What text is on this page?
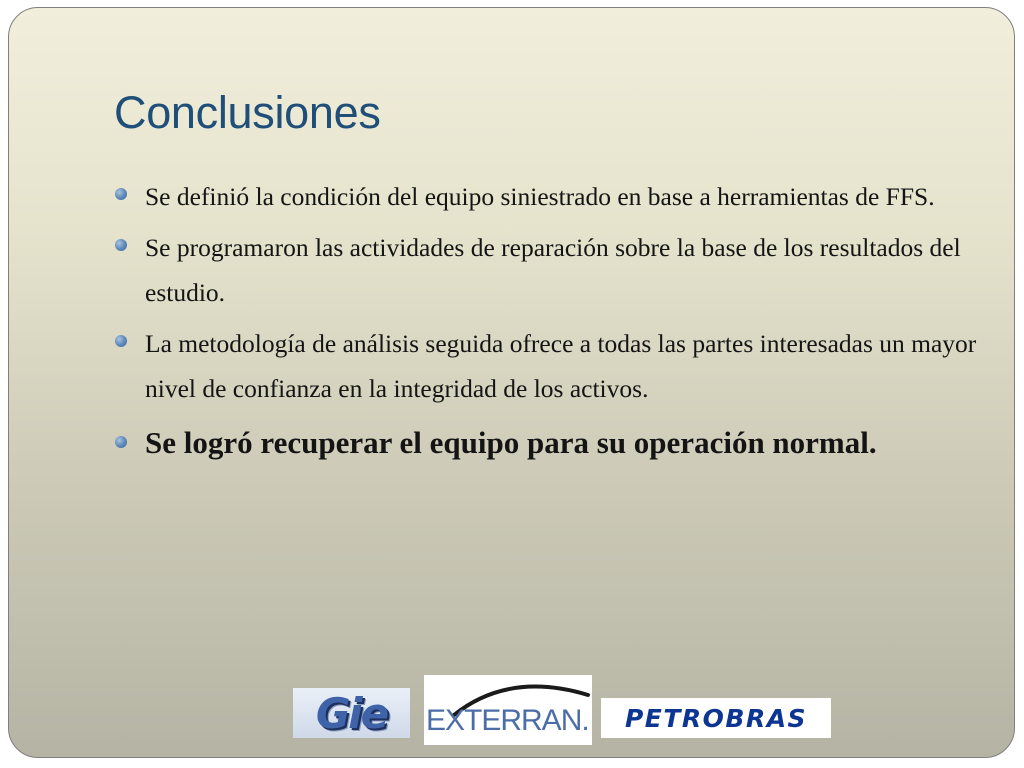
Conclusiones
Se definió la condición del equipo siniestrado en base a herramientas de FFS.
Se programaron las actividades de reparación sobre la base de los resultados del estudio.
La metodología de análisis seguida ofrece a todas las partes interesadas un mayor nivel de confianza en la integridad de los activos.
Se logró recuperar el equipo para su operación normal.
Gie EXTERRAN. PETROBRAS
